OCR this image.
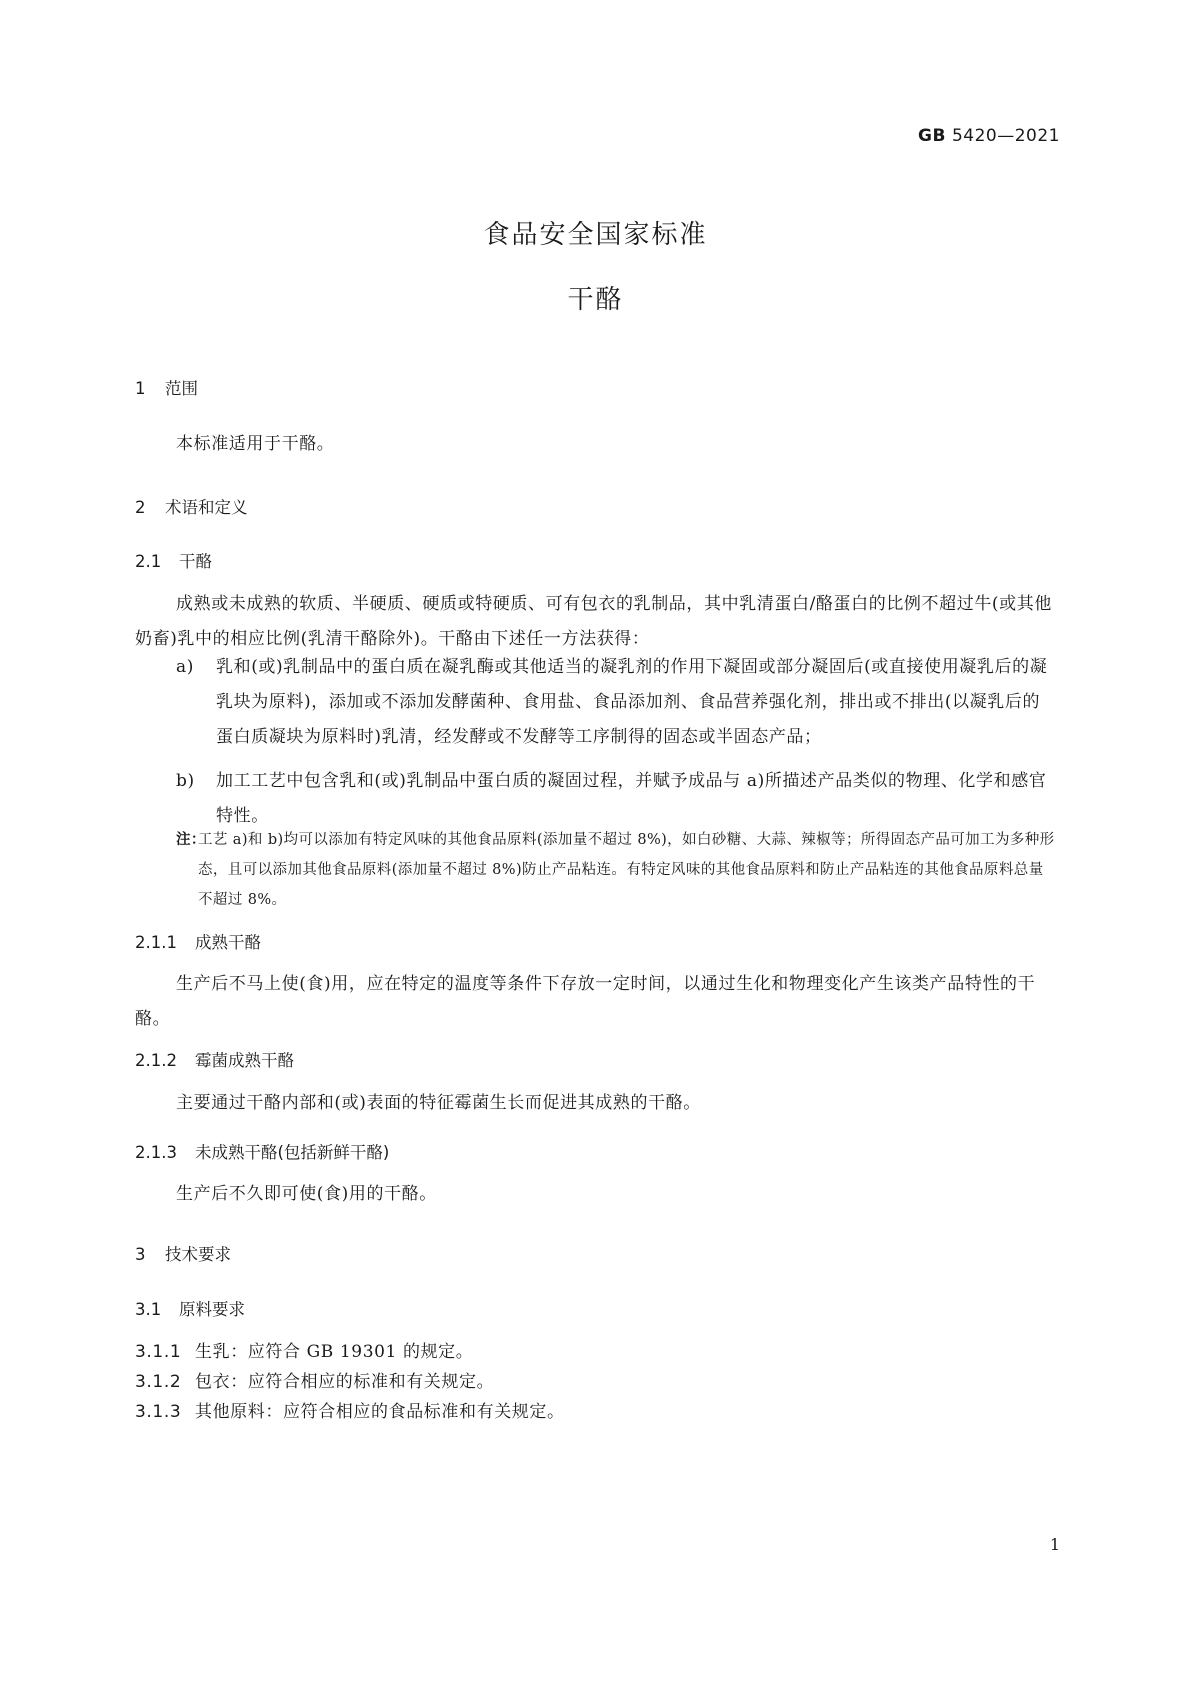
GB 5420—2021
食品安全国家标准
干酪
1 范围
本标准适用于干酪。
2 术语和定义
2.1 干酪
成熟或未成熟的软质、半硬质、硬质或特硬质、可有包衣的乳制品，其中乳清蛋白/酪蛋白的比例不超过牛(或其他奶畜)乳中的相应比例(乳清干酪除外)。干酪由下述任一方法获得：
a) 乳和(或)乳制品中的蛋白质在凝乳酶或其他适当的凝乳剂的作用下凝固或部分凝固后(或直接使用凝乳后的凝乳块为原料)，添加或不添加发酵菌种、食用盐、食品添加剂、食品营养强化剂，排出或不排出(以凝乳后的蛋白质凝块为原料时)乳清，经发酵或不发酵等工序制得的固态或半固态产品；
b) 加工工艺中包含乳和(或)乳制品中蛋白质的凝固过程，并赋予成品与 a)所描述产品类似的物理、化学和感官特性。
注：
工艺 a)和 b)均可以添加有特定风味的其他食品原料(添加量不超过 8%)，如白砂糖、大蒜、辣椒等；所得固态产品可加工为多种形态，且可以添加其他食品原料(添加量不超过 8%)防止产品粘连。有特定风味的其他食品原料和防止产品粘连的其他食品原料总量不超过 8%。
2.1.1 成熟干酪
生产后不马上使(食)用，应在特定的温度等条件下存放一定时间，以通过生化和物理变化产生该类产品特性的干酪。
2.1.2 霉菌成熟干酪
主要通过干酪内部和(或)表面的特征霉菌生长而促进其成熟的干酪。
2.1.3 未成熟干酪(包括新鲜干酪)
生产后不久即可使(食)用的干酪。
3 技术要求
3.1 原料要求
3.1.1 生乳：应符合 GB 19301 的规定。
3.1.2 包衣：应符合相应的标准和有关规定。
3.1.3 其他原料：应符合相应的食品标准和有关规定。
1
